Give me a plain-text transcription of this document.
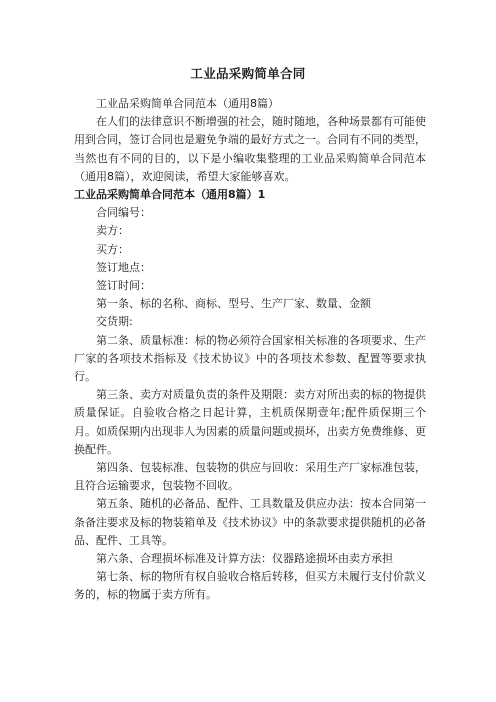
工业品采购简单合同

工业品采购简单合同范本（通用8篇）

在人们的法律意识不断增强的社会，随时随地，各种场景都有可能使用到合同，签订合同也是避免争端的最好方式之一。合同有不同的类型，当然也有不同的目的，以下是小编收集整理的工业品采购简单合同范本（通用8篇），欢迎阅读，希望大家能够喜欢。

工业品采购简单合同范本（通用8篇）1

合同编号：

卖方：

买方：

签订地点：

签订时间：

第一条、标的名称、商标、型号、生产厂家、数量、金额

交货期:

第二条、质量标准：标的物必须符合国家相关标准的各项要求、生产厂家的各项技术指标及《技术协议》中的各项技术参数、配置等要求执行。

第三条、卖方对质量负责的条件及期限：卖方对所出卖的标的物提供质量保证。自验收合格之日起计算，主机质保期壹年;配件质保期三个月。如质保期内出现非人为因素的质量问题或损坏，出卖方免费维修、更换配件。

第四条、包装标准、包装物的供应与回收：采用生产厂家标准包装，且符合运输要求，包装物不回收。

第五条、随机的必备品、配件、工具数量及供应办法：按本合同第一条备注要求及标的物装箱单及《技术协议》中的条款要求提供随机的必备品、配件、工具等。

第六条、合理损坏标准及计算方法：仪器路途损坏由卖方承担

第七条、标的物所有权自验收合格后转移，但买方未履行支付价款义务的，标的物属于卖方所有。
